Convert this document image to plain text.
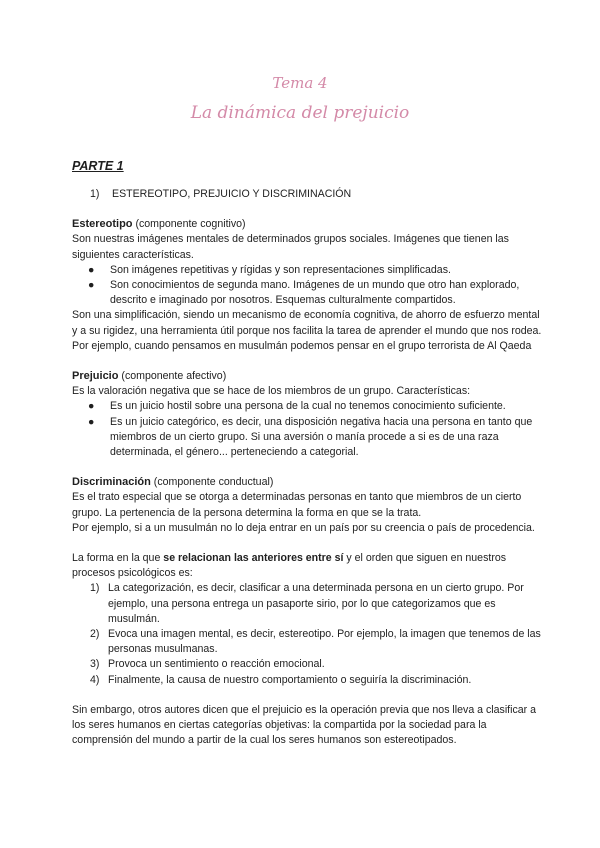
Tema 4
La dinámica del prejuicio
PARTE 1

1) ESTEREOTIPO, PREJUICIO Y DISCRIMINACIÓN

Estereotipo (componente cognitivo)

Son nuestras imágenes mentales de determinados grupos sociales. Imágenes que tienen las siguientes características.

● Son imágenes repetitivas y rígidas y son representaciones simplificadas.
● Son conocimientos de segunda mano. Imágenes de un mundo que otro han explorado, descrito e imaginado por nosotros. Esquemas culturalmente compartidos.

Son una simplificación, siendo un mecanismo de economía cognitiva, de ahorro de esfuerzo mental y a su rigidez, una herramienta útil porque nos facilita la tarea de aprender el mundo que nos rodea.

Por ejemplo, cuando pensamos en musulmán podemos pensar en el grupo terrorista de Al Qaeda

Prejuicio (componente afectivo)

Es la valoración negativa que se hace de los miembros de un grupo. Características:

● Es un juicio hostil sobre una persona de la cual no tenemos conocimiento suficiente.
● Es un juicio categórico, es decir, una disposición negativa hacia una persona en tanto que miembros de un cierto grupo. Si una aversión o manía procede a si es de una raza determinada, el género... perteneciendo a categorial.

Discriminación (componente conductual)

Es el trato especial que se otorga a determinadas personas en tanto que miembros de un cierto grupo. La pertenencia de la persona determina la forma en que se la trata.

Por ejemplo, si a un musulmán no lo deja entrar en un país por su creencia o país de procedencia.

La forma en la que se relacionan las anteriores entre sí y el orden que siguen en nuestros procesos psicológicos es:

1) La categorización, es decir, clasificar a una determinada persona en un cierto grupo. Por ejemplo, una persona entrega un pasaporte sirio, por lo que categorizamos que es musulmán.
2) Evoca una imagen mental, es decir, estereotipo. Por ejemplo, la imagen que tenemos de las personas musulmanas.
3) Provoca un sentimiento o reacción emocional.
4) Finalmente, la causa de nuestro comportamiento o seguiría la discriminación.

Sin embargo, otros autores dicen que el prejuicio es la operación previa que nos lleva a clasificar a los seres humanos en ciertas categorías objetivas: la compartida por la sociedad para la comprensión del mundo a partir de la cual los seres humanos son estereotipados.
